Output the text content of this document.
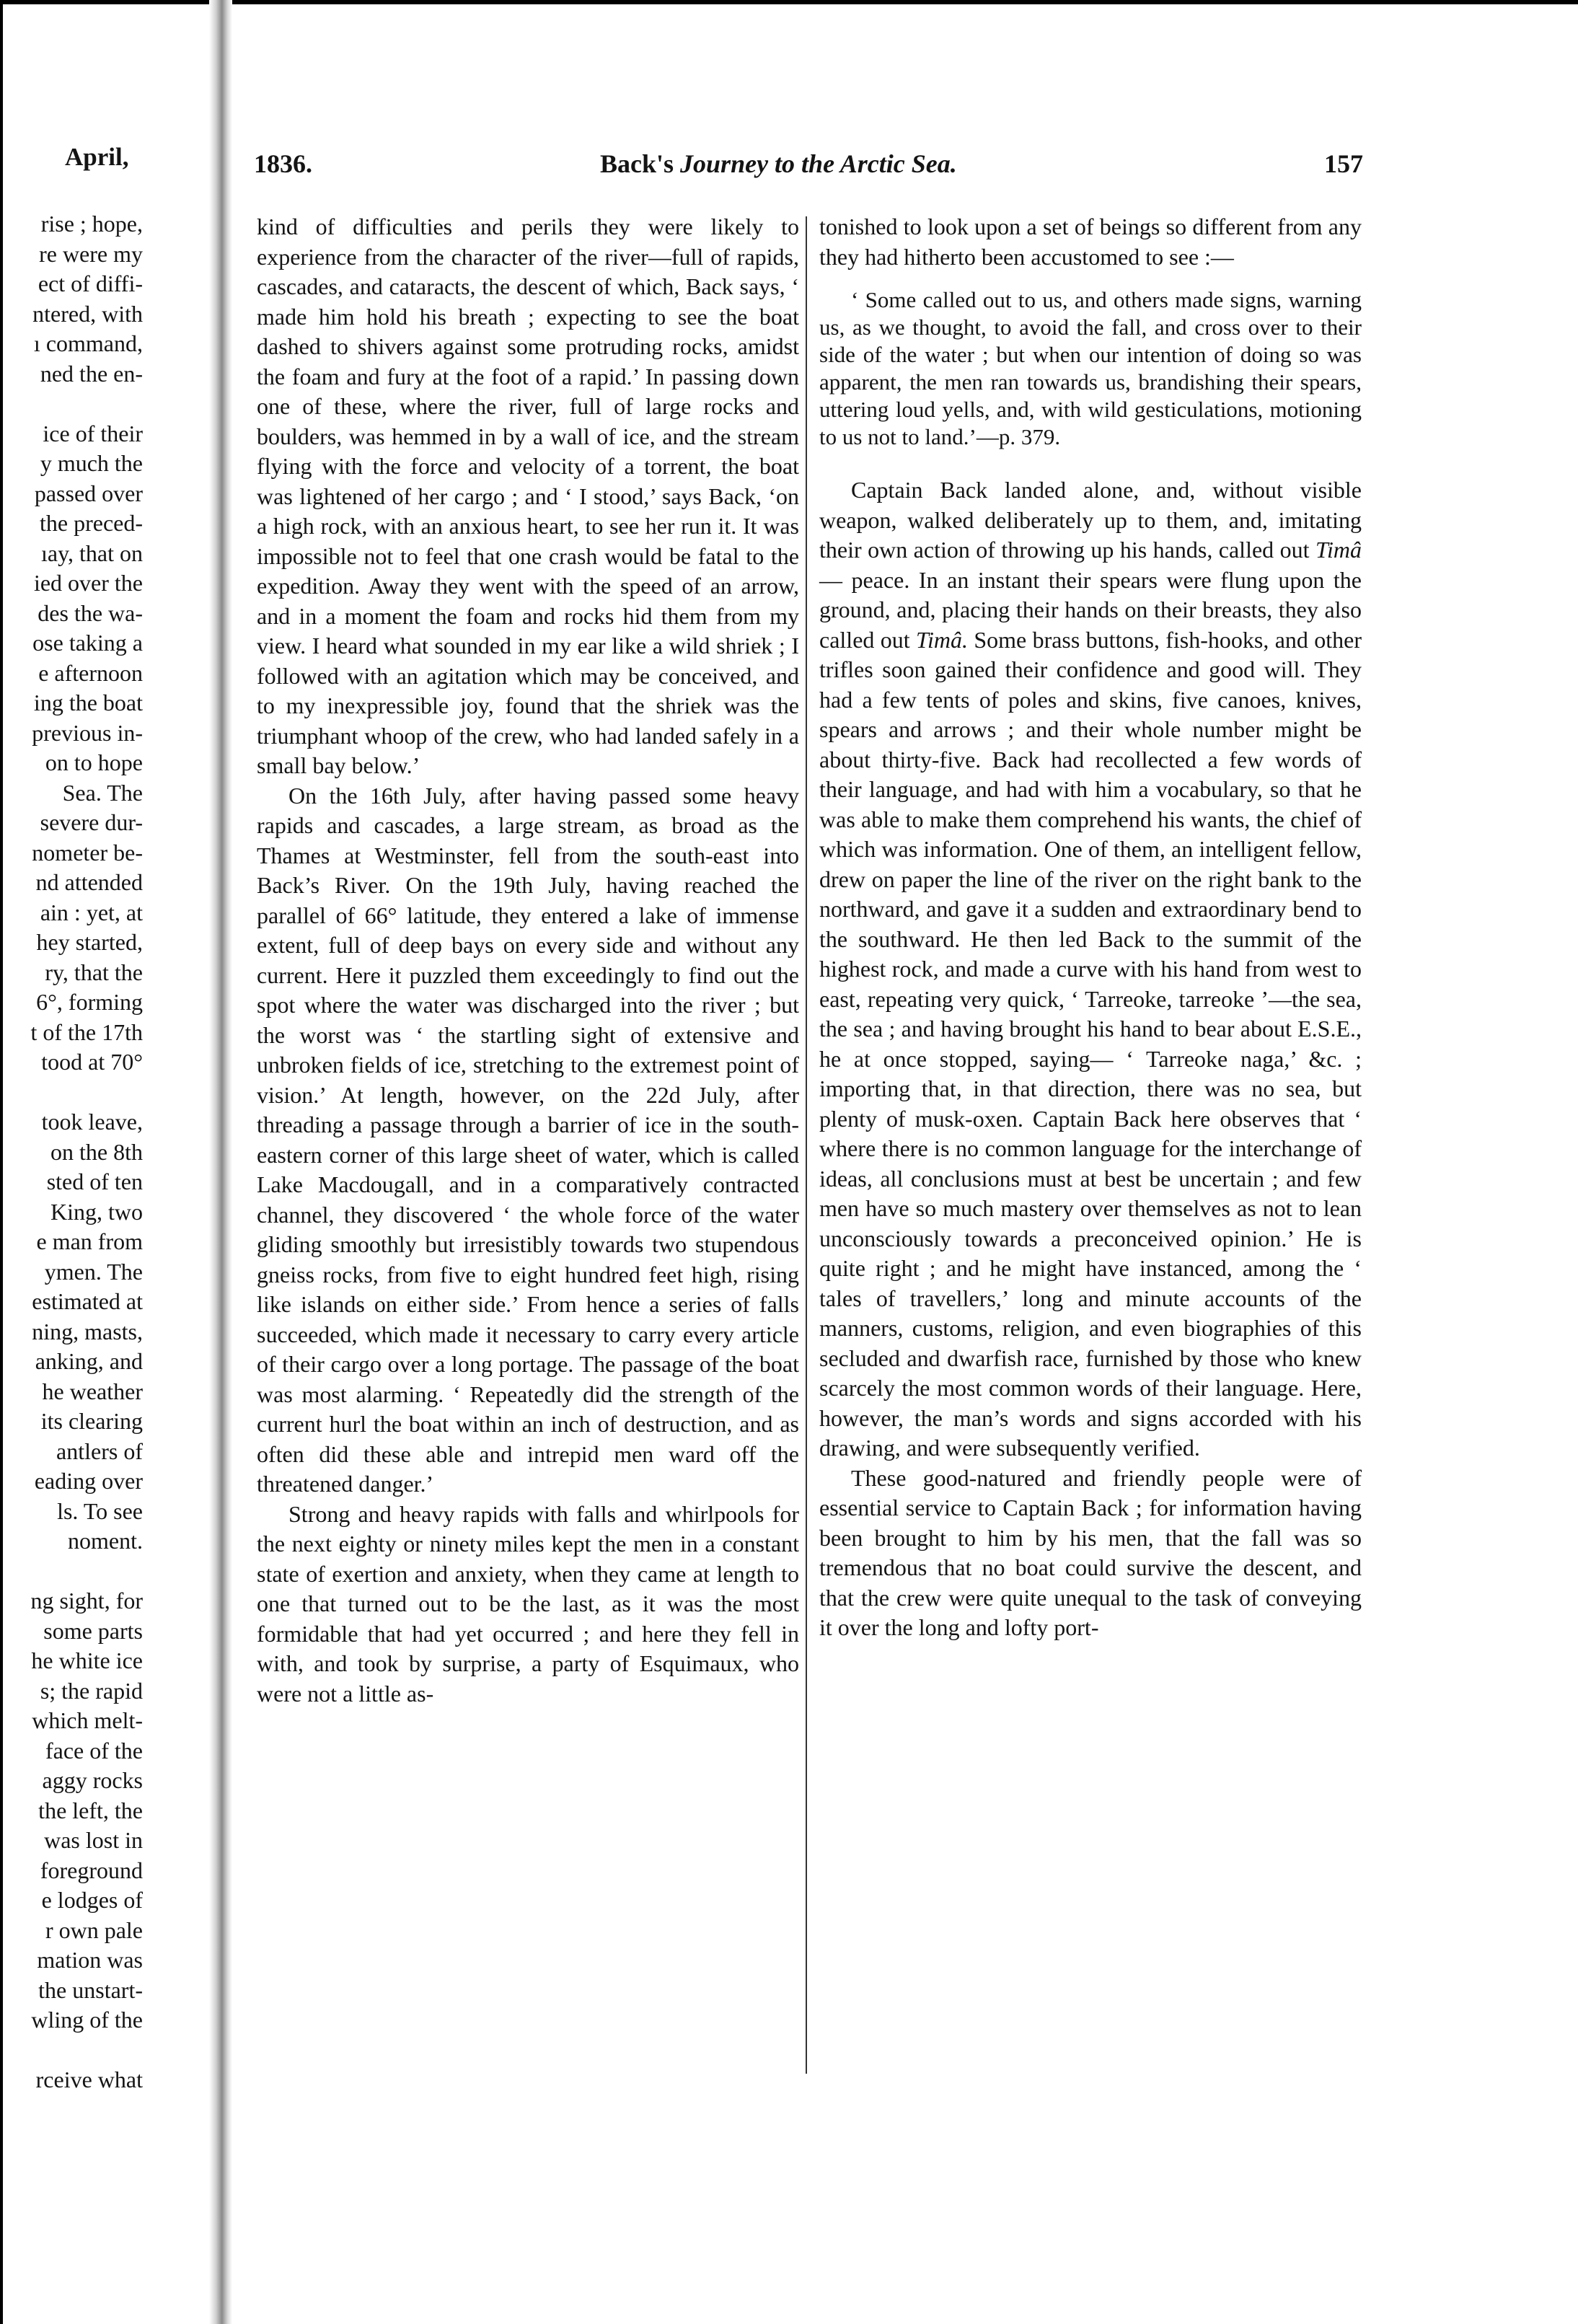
April,
rise ; hope,
re were my
ect of diffi-
ntered, with
ı command,
ned the en-
ice of their
y much the
passed over
the preced-
ıay, that on
ied over the
des the wa-
ose taking a
e afternoon
ing the boat
previous in-
on to hope
Sea. The
severe dur-
nometer be-
nd attended
ain : yet, at
hey started,
ry, that the
6°, forming
t of the 17th
tood at 70°
took leave,
on the 8th
sted of ten
King, two
e man from
ymen. The
estimated at
ning, masts,
anking, and
he weather
its clearing
antlers of
eading over
ls. To see
noment.
ng sight, for
some parts
he white ice
s; the rapid
which melt-
face of the
aggy rocks
the left, the
was lost in
foreground
e lodges of
r own pale
mation was
the unstart-
wling of the
rceive what
1836.	Back's Journey to the Arctic Sea.	157

kind of difficulties and perils they were likely to experience from the character of the river—full of rapids, cascades, and cataracts, the descent of which, Back says, ‘ made him hold his breath ; expecting to see the boat dashed to shivers against some protruding rocks, amidst the foam and fury at the foot of a rapid.’ In passing down one of these, where the river, full of large rocks and boulders, was hemmed in by a wall of ice, and the stream flying with the force and velocity of a torrent, the boat was lightened of her cargo ; and ‘ I stood,’ says Back, ‘on a high rock, with an anxious heart, to see her run it. It was impossible not to feel that one crash would be fatal to the expedition. Away they went with the speed of an arrow, and in a moment the foam and rocks hid them from my view. I heard what sounded in my ear like a wild shriek ; I followed with an agitation which may be conceived, and to my inexpressible joy, found that the shriek was the triumphant whoop of the crew, who had landed safely in a small bay below.’

On the 16th July, after having passed some heavy rapids and cascades, a large stream, as broad as the Thames at Westminster, fell from the south-east into Back’s River. On the 19th July, having reached the parallel of 66° latitude, they entered a lake of immense extent, full of deep bays on every side and without any current. Here it puzzled them exceedingly to find out the spot where the water was discharged into the river ; but the worst was ‘ the startling sight of extensive and unbroken fields of ice, stretching to the extremest point of vision.’ At length, however, on the 22d July, after threading a passage through a barrier of ice in the southeastern corner of this large sheet of water, which is called Lake Macdougall, and in a comparatively contracted channel, they discovered ‘ the whole force of the water gliding smoothly but irresistibly towards two stupendous gneiss rocks, from five to eight hundred feet high, rising like islands on either side.’ From hence a series of falls succeeded, which made it necessary to carry every article of their cargo over a long portage. The passage of the boat was most alarming. ‘ Repeatedly did the strength of the current hurl the boat within an inch of destruction, and as often did these able and intrepid men ward off the threatened danger.’

Strong and heavy rapids with falls and whirlpools for the next eighty or ninety miles kept the men in a constant state of exertion and anxiety, when they came at length to one that turned out to be the last, as it was the most formidable that had yet occurred ; and here they fell in with, and took by surprise, a party of Esquimaux, who were not a little as-

tonished to look upon a set of beings so different from any they had hitherto been accustomed to see :—

‘ Some called out to us, and others made signs, warning us, as we thought, to avoid the fall, and cross over to their side of the water ; but when our intention of doing so was apparent, the men ran towards us, brandishing their spears, uttering loud yells, and, with wild gesticulations, motioning to us not to land.’—p. 379.

Captain Back landed alone, and, without visible weapon, walked deliberately up to them, and, imitating their own action of throwing up his hands, called out Timâ— peace. In an instant their spears were flung upon the ground, and, placing their hands on their breasts, they also called out Timâ. Some brass buttons, fish-hooks, and other trifles soon gained their confidence and good will. They had a few tents of poles and skins, five canoes, knives, spears and arrows ; and their whole number might be about thirty-five. Back had recollected a few words of their language, and had with him a vocabulary, so that he was able to make them comprehend his wants, the chief of which was information. One of them, an intelligent fellow, drew on paper the line of the river on the right bank to the northward, and gave it a sudden and extraordinary bend to the southward. He then led Back to the summit of the highest rock, and made a curve with his hand from west to east, repeating very quick, ‘ Tarreoke, tarreoke ’—the sea, the sea ; and having brought his hand to bear about E.S.E., he at once stopped, saying— ‘ Tarreoke naga,’ &c. ; importing that, in that direction, there was no sea, but plenty of musk-oxen. Captain Back here observes that ‘ where there is no common language for the interchange of ideas, all conclusions must at best be uncertain ; and few men have so much mastery over themselves as not to lean unconsciously towards a preconceived opinion.’ He is quite right ; and he might have instanced, among the ‘ tales of travellers,’ long and minute accounts of the manners, customs, religion, and even biographies of this secluded and dwarfish race, furnished by those who knew scarcely the most common words of their language. Here, however, the man’s words and signs accorded with his drawing, and were subsequently verified.

These good-natured and friendly people were of essential service to Captain Back ; for information having been brought to him by his men, that the fall was so tremendous that no boat could survive the descent, and that the crew were quite unequal to the task of conveying it over the long and lofty port-
